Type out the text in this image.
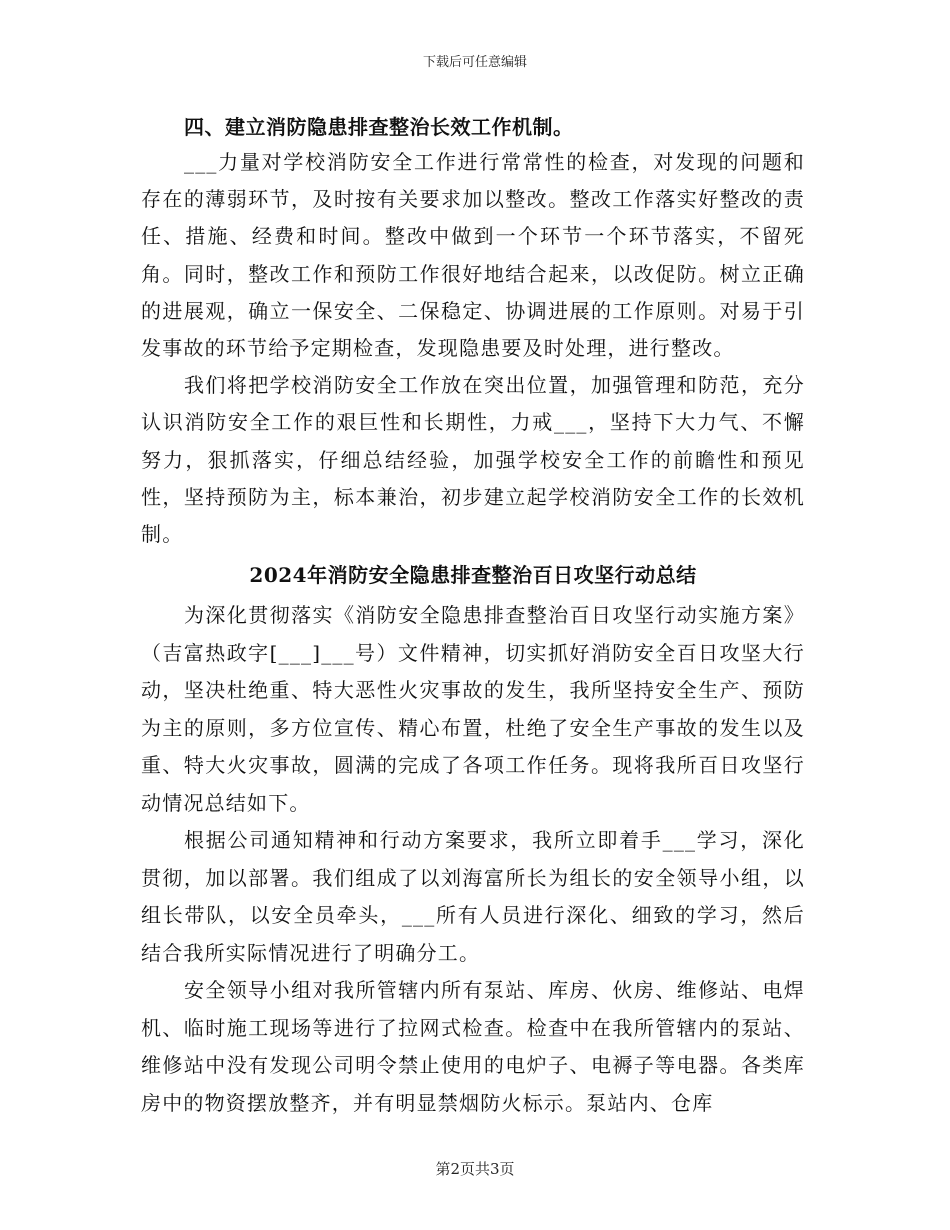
下载后可任意编辑

四、建立消防隐患排查整治长效工作机制。

___力量对学校消防安全工作进行常常性的检查，对发现的问题和存在的薄弱环节，及时按有关要求加以整改。整改工作落实好整改的责任、措施、经费和时间。整改中做到一个环节一个环节落实，不留死角。同时，整改工作和预防工作很好地结合起来，以改促防。树立正确的进展观，确立一保安全、二保稳定、协调进展的工作原则。对易于引发事故的环节给予定期检查，发现隐患要及时处理，进行整改。

我们将把学校消防安全工作放在突出位置，加强管理和防范，充分认识消防安全工作的艰巨性和长期性，力戒___，坚持下大力气、不懈努力，狠抓落实，仔细总结经验，加强学校安全工作的前瞻性和预见性，坚持预防为主，标本兼治，初步建立起学校消防安全工作的长效机制。

2024年消防安全隐患排查整治百日攻坚行动总结

为深化贯彻落实《消防安全隐患排查整治百日攻坚行动实施方案》（吉富热政字[___]___号）文件精神，切实抓好消防安全百日攻坚大行动，坚决杜绝重、特大恶性火灾事故的发生，我所坚持安全生产、预防为主的原则，多方位宣传、精心布置，杜绝了安全生产事故的发生以及重、特大火灾事故，圆满的完成了各项工作任务。现将我所百日攻坚行动情况总结如下。

根据公司通知精神和行动方案要求，我所立即着手___学习，深化贯彻，加以部署。我们组成了以刘海富所长为组长的安全领导小组，以组长带队，以安全员牵头，___所有人员进行深化、细致的学习，然后结合我所实际情况进行了明确分工。

安全领导小组对我所管辖内所有泵站、库房、伙房、维修站、电焊机、临时施工现场等进行了拉网式检查。检查中在我所管辖内的泵站、维修站中没有发现公司明令禁止使用的电炉子、电褥子等电器。各类库房中的物资摆放整齐，并有明显禁烟防火标示。泵站内、仓库

第2页共3页
